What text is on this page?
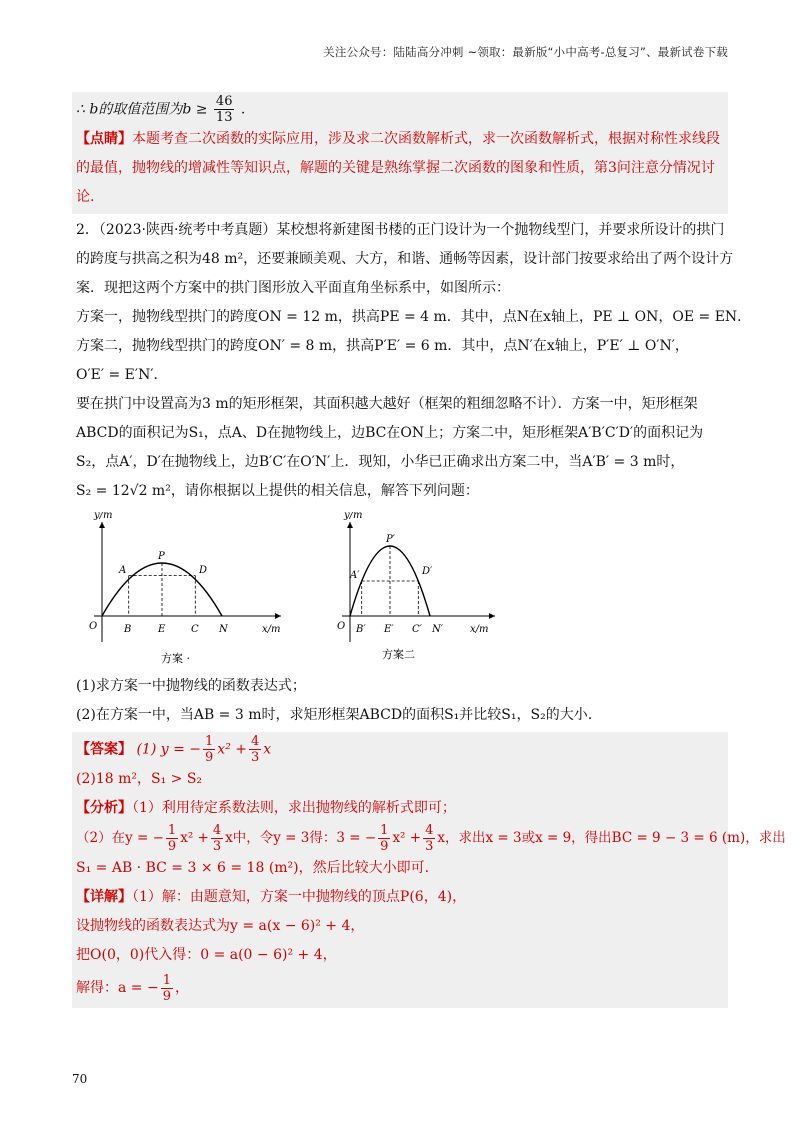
关注公众号：陆陆高分冲刺 ~领取：最新版“小中高考-总复习”、最新试卷下载
∴ b的取值范围为$b \ge \frac{46}{13}$ .
【点睛】本题考查二次函数的实际应用，涉及求二次函数解析式，求一次函数解析式，根据对称性求线段的最值，抛物线的增减性等知识点，解题的关键是熟练掌握二次函数的图象和性质，第3问注意分情况讨论.
2．（2023·陕西·统考中考真题）某校想将新建图书楼的正门设计为一个抛物线型门，并要求所设计的拱门
的跨度与拱高之积为48 m²，还要兼顾美观、大方，和谐、通畅等因素，设计部门按要求给出了两个设计方
案．现把这两个方案中的拱门图形放入平面直角坐标系中，如图所示：
方案一，抛物线型拱门的跨度ON = 12 m，拱高PE = 4 m．其中，点N在x轴上，PE ⊥ ON，OE = EN．
方案二，抛物线型拱门的跨度ON′ = 8 m，拱高P′E′ = 6 m．其中，点N′在x轴上，P′E′ ⊥ O′N′，
O′E′ = E′N′．
要在拱门中设置高为3 m的矩形框架，其面积越大越好（框架的粗细忽略不计）．方案一中，矩形框架
ABCD的面积记为S₁，点A、D在抛物线上，边BC在ON上；方案二中，矩形框架A′B′C′D′的面积记为
S₂，点A′，D′在抛物线上，边B′C′在O′N′上．现知，小华已正确求出方案二中，当A′B′ = 3 m时，
S₂ = 12√2 m²，请你根据以上提供的相关信息，解答下列问题：
y/m
x/m
O
A
P
D
B	E	C N
方案 ·
y/m
x/m
O
A′
P′
D′
B′ E′ C′ N′
方案二
(1)求方案一中抛物线的函数表达式；
(2)在方案一中，当AB = 3 m时，求矩形框架ABCD的面积S₁并比较S₁，S₂的大小.
【答案】 (1) y = − $\frac{1}{9} x^2 + \frac{4}{3}$ x
(2)18 m²，S₁ > S₂
【分析】（1）利用待定系数法则，求出抛物线的解析式即可；
（2）在y = − $\frac{1}{9} x^2 + \frac{4}{3}$ x中，令y = 3得：3 = − $\frac{1}{9} x^2 + \frac{4}{3}$ x，求出x = 3或x = 9，得出BC = 9 − 3 = 6 (m)，求出
S₁ = AB · BC = 3 × 6 = 18 (m²)，然后比较大小即可.
【详解】（1）解：由题意知，方案一中抛物线的顶点P(6，4)，
设抛物线的函数表达式为y = a(x − 6)² + 4，
把O(0，0)代入得：0 = a(0 − 6)² + 4，
解得：a = − $\frac{1}{9}$ ，
70
